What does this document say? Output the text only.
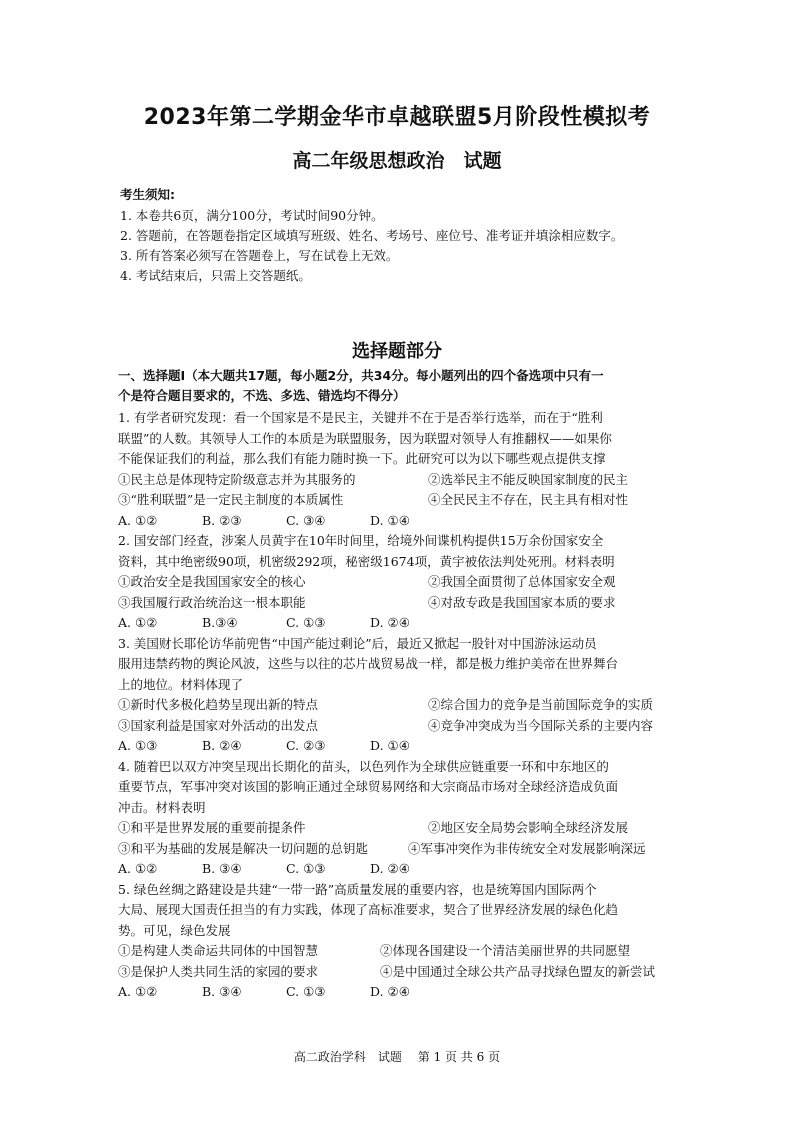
2023年第二学期金华市卓越联盟5月阶段性模拟考
高二年级思想政治　试题
考生须知:
1. 本卷共6页，满分100分，考试时间90分钟。
2. 答题前，在答题卷指定区域填写班级、姓名、考场号、座位号、准考证并填涂相应数字。
3. 所有答案必须写在答题卷上，写在试卷上无效。
4. 考试结束后，只需上交答题纸。
选择题部分
一、选择题I（本大题共17题，每小题2分，共34分。每小题列出的四个备选项中只有一
个是符合题目要求的，不选、多选、错选均不得分）
1. 有学者研究发现：看一个国家是不是民主，关键并不在于是否举行选举，而在于“胜利
联盟”的人数。其领导人工作的本质是为联盟服务，因为联盟对领导人有推翻权——如果你
不能保证我们的利益，那么我们有能力随时换一下。此研究可以为以下哪些观点提供支撑
①民主总是体现特定阶级意志并为其服务的	②选举民主不能反映国家制度的民主
③“胜利联盟”是一定民主制度的本质属性	④全民民主不存在，民主具有相对性
A. ①②	B. ②③	C. ③④	D. ①④
2. 国安部门经查，涉案人员黄宇在10年时间里，给境外间谍机构提供15万余份国家安全
资料，其中绝密级90项，机密级292项，秘密级1674项，黄宇被依法判处死刑。材料表明
①政治安全是我国国家安全的核心	②我国全面贯彻了总体国家安全观
③我国履行政治统治这一根本职能	④对敌专政是我国国家本质的要求
A. ①②	B.③④	C. ①③	D. ②④
3. 美国财长耶伦访华前兜售“中国产能过剩论”后，最近又掀起一股针对中国游泳运动员
服用违禁药物的舆论风波，这些与以往的芯片战贸易战一样，都是极力维护美帝在世界舞台
上的地位。材料体现了
①新时代多极化趋势呈现出新的特点	②综合国力的竞争是当前国际竞争的实质
③国家利益是国家对外活动的出发点	④竞争冲突成为当今国际关系的主要内容
A. ①③	B. ②④	C. ②③	D. ①④
4. 随着巴以双方冲突呈现出长期化的苗头，以色列作为全球供应链重要一环和中东地区的
重要节点，军事冲突对该国的影响正通过全球贸易网络和大宗商品市场对全球经济造成负面
冲击。材料表明
①和平是世界发展的重要前提条件	②地区安全局势会影响全球经济发展
③和平为基础的发展是解决一切问题的总钥匙	④军事冲突作为非传统安全对发展影响深远
A. ①②	B. ③④	C. ①③	D. ②④
5. 绿色丝绸之路建设是共建“一带一路”高质量发展的重要内容，也是统筹国内国际两个
大局、展现大国责任担当的有力实践，体现了高标准要求，契合了世界经济发展的绿色化趋
势。可见，绿色发展
①是构建人类命运共同体的中国智慧	②体现各国建设一个清洁美丽世界的共同愿望
③是保护人类共同生活的家园的要求	④是中国通过全球公共产品寻找绿色盟友的新尝试
A. ①②	B. ③④	C. ①③	D. ②④
高二政治学科　试题 第 1 页 共 6 页
